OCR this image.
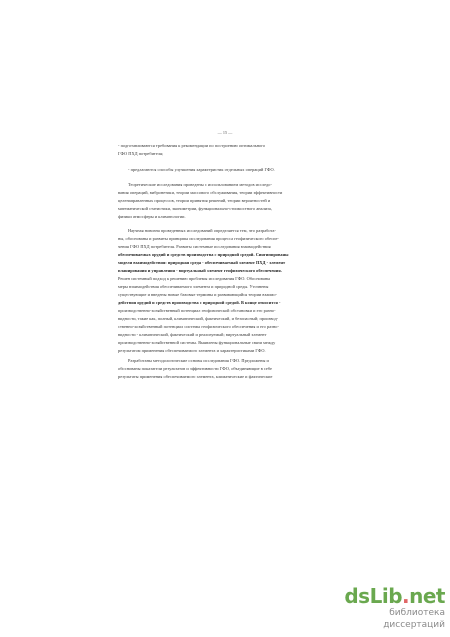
— 15 —
- подготавливаются требования к рекомендации по построению оптимального
ГФО ПХД потребителя;
- предлагаются способы улучшения характеристик отдельных операций ГФО.
Теоретические исследования проведены с использованием методов исследо-
вания операций, вибронетики, теории массового обслуживания, теории эффективности
целенаправленных процессов, теории принятия решений, теории вероятностей и
математической статистики, эконометрии, функционально-стоимостного анализа,
физики атмосферы и климатологии.
Научная новизна проведенных исследований определяется тем, что разработа-
ны, обоснованы и развиты принципы исследования процесса геофизического обеспе-
чения ГФО ПХД потребителя. Развиты системные исследования взаимодействия
обеспечиваемых орудий и средств производства с природной средой. Сингипированы
модели взаимодействия: природная среда - обеспечиваемый элемент ПХД - элемент
планирования и управления - виртуальный элемент геофизического обеспечения.
Решен системный подход к решению проблемы исследования ГФО. Обоснованы
меры взаимодействия обеспечиваемого элемента и природной среды. Уточнены
существующие и введены новые базовые термины и развивающийся теории взаимо-
действия орудий и средств производства с природной средой. В конце относится -
производственно-хозяйственный потенциал геофизической обстановки и его разно-
видности, такие как, полный, климатический, фактический, и безопасный; производ-
ственно-хозяйственный потенциал системы геофизического обеспечения и его разно-
видности - климатический, фактический и реализуемый; виртуальный элемент
производственно-хозяйственной системы. Выявлены функциональные связи между
результатом применения обеспечиваемого элемента и характеристиками ГФО.
Разработаны методологические основы исследования ГФО. Предложены и
обоснованы показатели результатов и эффективности ГФО, объединяющие в себе
результаты применения обеспечиваемого элемента, климатические и фактические
dsLib.net
библиотека диссертаций
